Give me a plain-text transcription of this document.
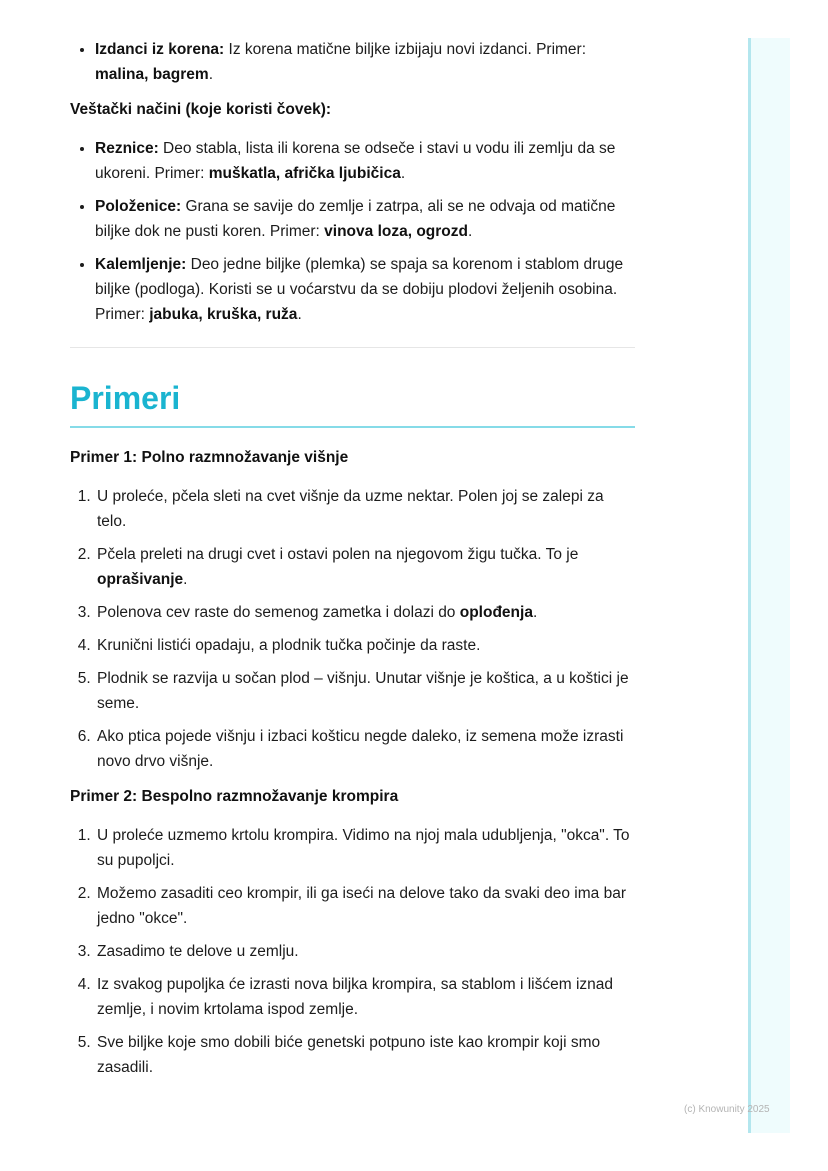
• Izdanci iz korena: Iz korena matične biljke izbijaju novi izdanci. Primer: malina, bagrem.
Veštački načini (koje koristi čovek):
• Reznice: Deo stabla, lista ili korena se odseče i stavi u vodu ili zemlju da se ukoreni. Primer: muškatla, afrička ljubičica.
• Položenice: Grana se savije do zemlje i zatrpa, ali se ne odvaja od matične biljke dok ne pusti koren. Primer: vinova loza, ogrozd.
• Kalemljenje: Deo jedne biljke (plemka) se spaja sa korenom i stablom druge biljke (podloga). Koristi se u voćarstvu da se dobiju plodovi željenih osobina. Primer: jabuka, kruška, ruža.
Primeri
Primer 1: Polno razmnožavanje višnje
1. U proleće, pčela sleti na cvet višnje da uzme nektar. Polen joj se zalepi za telo.
2. Pčela preleti na drugi cvet i ostavi polen na njegovom žigu tučka. To je oprašivanje.
3. Polenova cev raste do semenog zametka i dolazi do oplođenja.
4. Krunični listići opadaju, a plodnik tučka počinje da raste.
5. Plodnik se razvija u sočan plod – višnju. Unutar višnje je koštica, a u koštici je seme.
6. Ako ptica pojede višnju i izbaci košticu negde daleko, iz semena može izrasti novo drvo višnje.
Primer 2: Bespolno razmnožavanje krompira
1. U proleće uzmemo krtolu krompira. Vidimo na njoj mala udubljenja, "okca". To su pupoljci.
2. Možemo zasaditi ceo krompir, ili ga iseći na delove tako da svaki deo ima bar jedno "okce".
3. Zasadimo te delove u zemlju.
4. Iz svakog pupoljka će izrasti nova biljka krompira, sa stablom i lišćem iznad zemlje, i novim krtolama ispod zemlje.
5. Sve biljke koje smo dobili biće genetski potpuno iste kao krompir koji smo zasadili.
(c) Knowunity 2025
